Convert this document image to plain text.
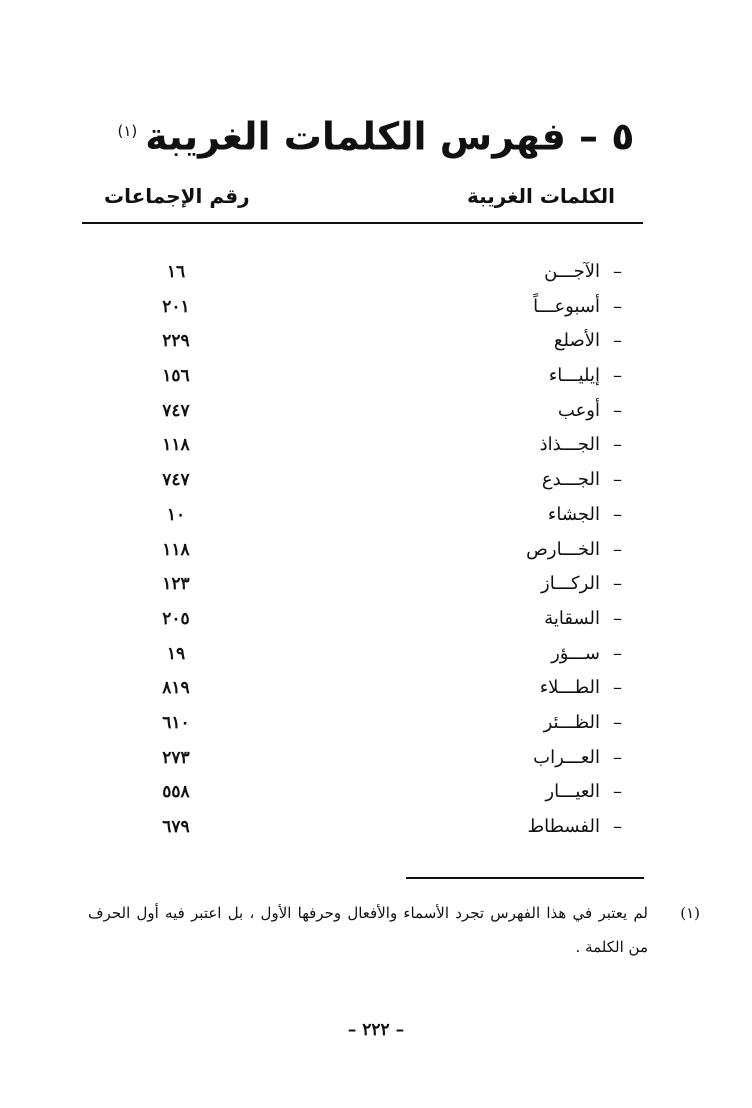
٥ – فهرس الكلمات الغريبة$^{(١)}$
الكلمات الغريبة
رقم الإجماعات
–
الآجـــن
١٦
–
أسبوعـــاً
٢٠١
–
الأصلع
٢٢٩
–
إيليـــاء
١٥٦
–
أوعب
٧٤٧
–
الجـــذاذ
١١٨
–
الجـــدع
٧٤٧
–
الجشاء
١٠
–
الخـــارص
١١٨
–
الركـــاز
١٢٣
–
السقاية
٢٠٥
–
ســـؤر
١٩
–
الطـــلاء
٨١٩
–
الظـــئر
٦١٠
–
العـــراب
٢٧٣
–
العيـــار
٥٥٨
–
الفسطاط
٦٧٩
(١)
لم يعتبر في هذا الفهرس تجرد الأسماء والأفعال وحرفها الأول ، بل اعتبر فيه أول الحرف من الكلمة .
– ٢٢٢ –
